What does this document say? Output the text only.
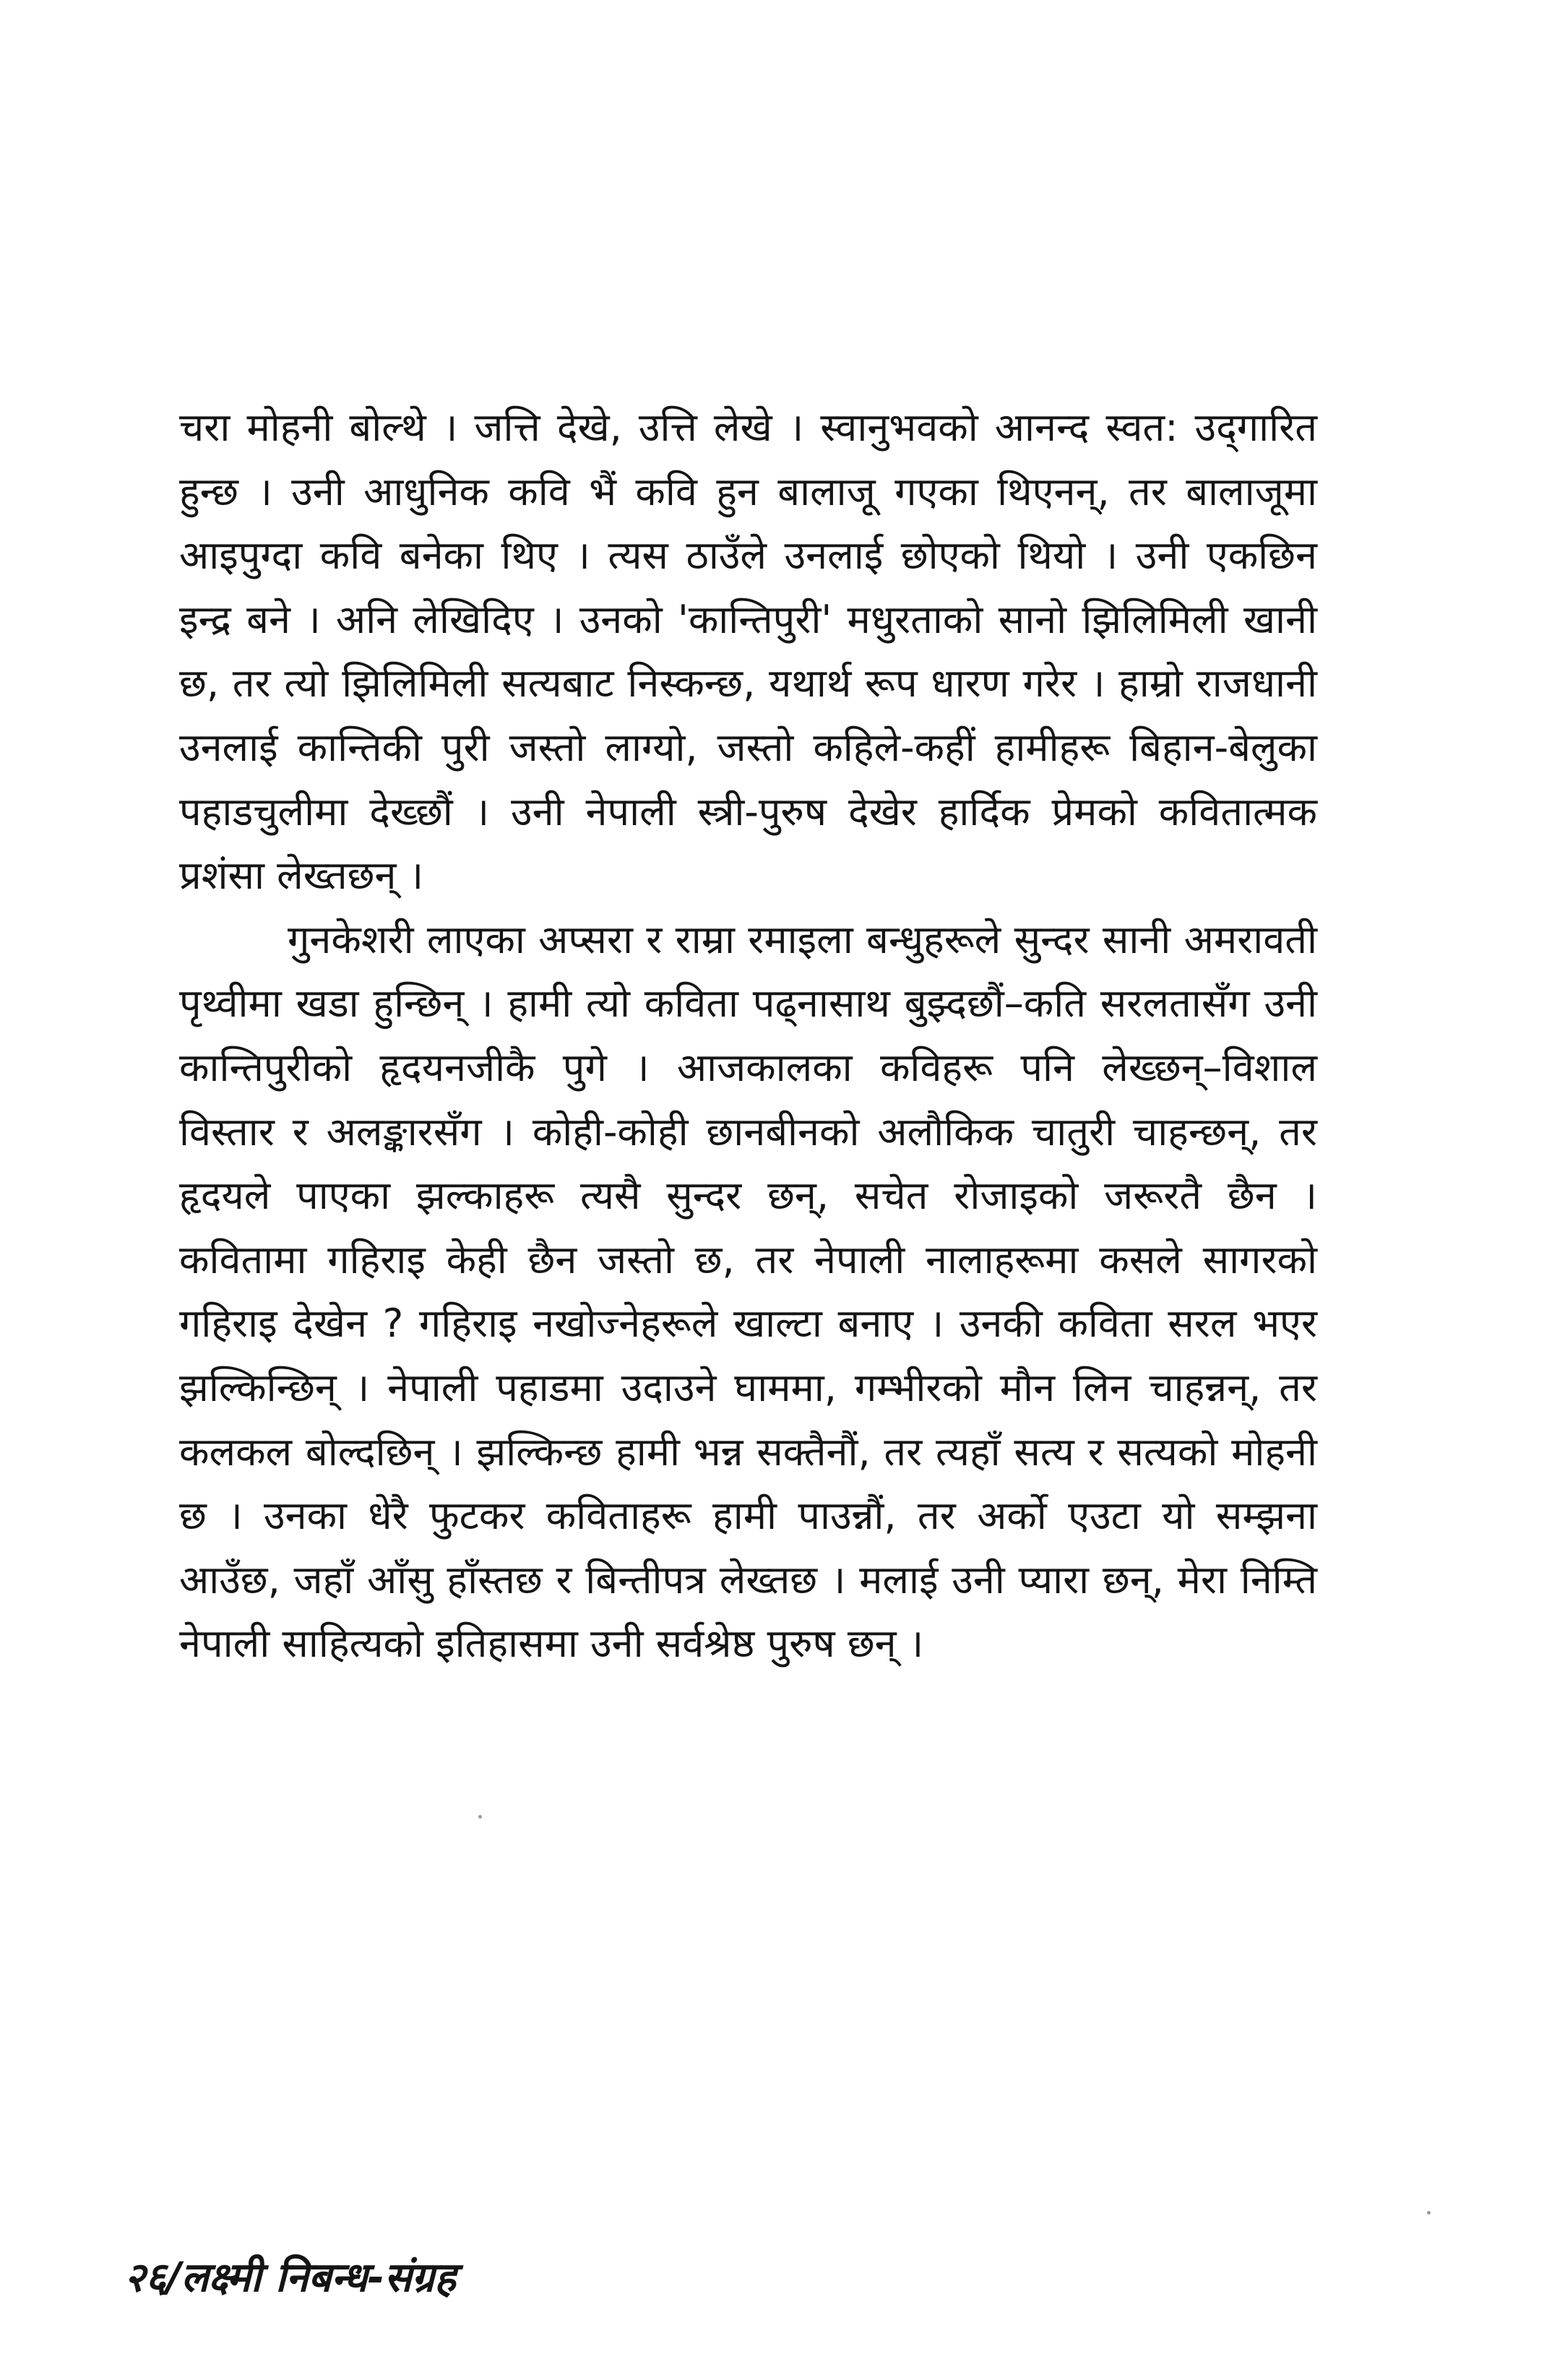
चरा मोहनी बोल्थे । जत्ति देखे, उत्ति लेखे । स्वानुभवको आनन्द स्वत: उद्‌गारित हुन्छ । उनी आधुनिक कवि भैं कवि हुन बालाजू गएका थिएनन्, तर बालाजूमा आइपुग्दा कवि बनेका थिए । त्यस ठाउँले उनलाई छोएको थियो । उनी एकछिन इन्द्र बने । अनि लेखिदिए । उनको 'कान्तिपुरी' मधुरताको सानो झिलिमिली खानी छ, तर त्यो झिलिमिली सत्यबाट निस्कन्छ, यथार्थ रूप धारण गरेर । हाम्रो राजधानी उनलाई कान्तिकी पुरी जस्तो लाग्यो, जस्तो कहिले-कहीं हामीहरू बिहान-बेलुका पहाडचुलीमा देख्छौं । उनी नेपाली स्त्री-पुरुष देखेर हार्दिक प्रेमको कवितात्मक प्रशंसा लेख्तछन् ।

गुनकेशरी लाएका अप्सरा र राम्रा रमाइला बन्धुहरूले सुन्दर सानी अमरावती पृथ्वीमा खडा हुन्छिन् । हामी त्यो कविता पढ्नासाथ बुझ्दछौं–कति सरलतासँग उनी कान्तिपुरीको हृदयनजीकै पुगे । आजकालका कविहरू पनि लेख्छन्–विशाल विस्तार र अलङ्कारसँग । कोही-कोही छानबीनको अलौकिक चातुरी चाहन्छन्, तर हृदयले पाएका झल्काहरू त्यसै सुन्दर छन्, सचेत रोजाइको जरूरतै छैन । कवितामा गहिराइ केही छैन जस्तो छ, तर नेपाली नालाहरूमा कसले सागरको गहिराइ देखेन ? गहिराइ नखोज्नेहरूले खाल्टा बनाए । उनकी कविता सरल भएर झल्किन्छिन् । नेपाली पहाडमा उदाउने घाममा, गम्भीरको मौन लिन चाहन्नन्, तर कलकल बोल्दछिन् । झल्किन्छ हामी भन्न सक्तैनौं, तर त्यहाँ सत्य र सत्यको मोहनी छ । उनका धेरै फुटकर कविताहरू हामी पाउन्नौं, तर अर्को एउटा यो सम्झना आउँछ, जहाँ आँसु हाँस्तछ र बिन्तीपत्र लेख्तछ । मलाई उनी प्यारा छन्, मेरा निम्ति नेपाली साहित्यको इतिहासमा उनी सर्वश्रेष्ठ पुरुष छन् ।

२६/लक्ष्मी निबन्ध-संग्रह
